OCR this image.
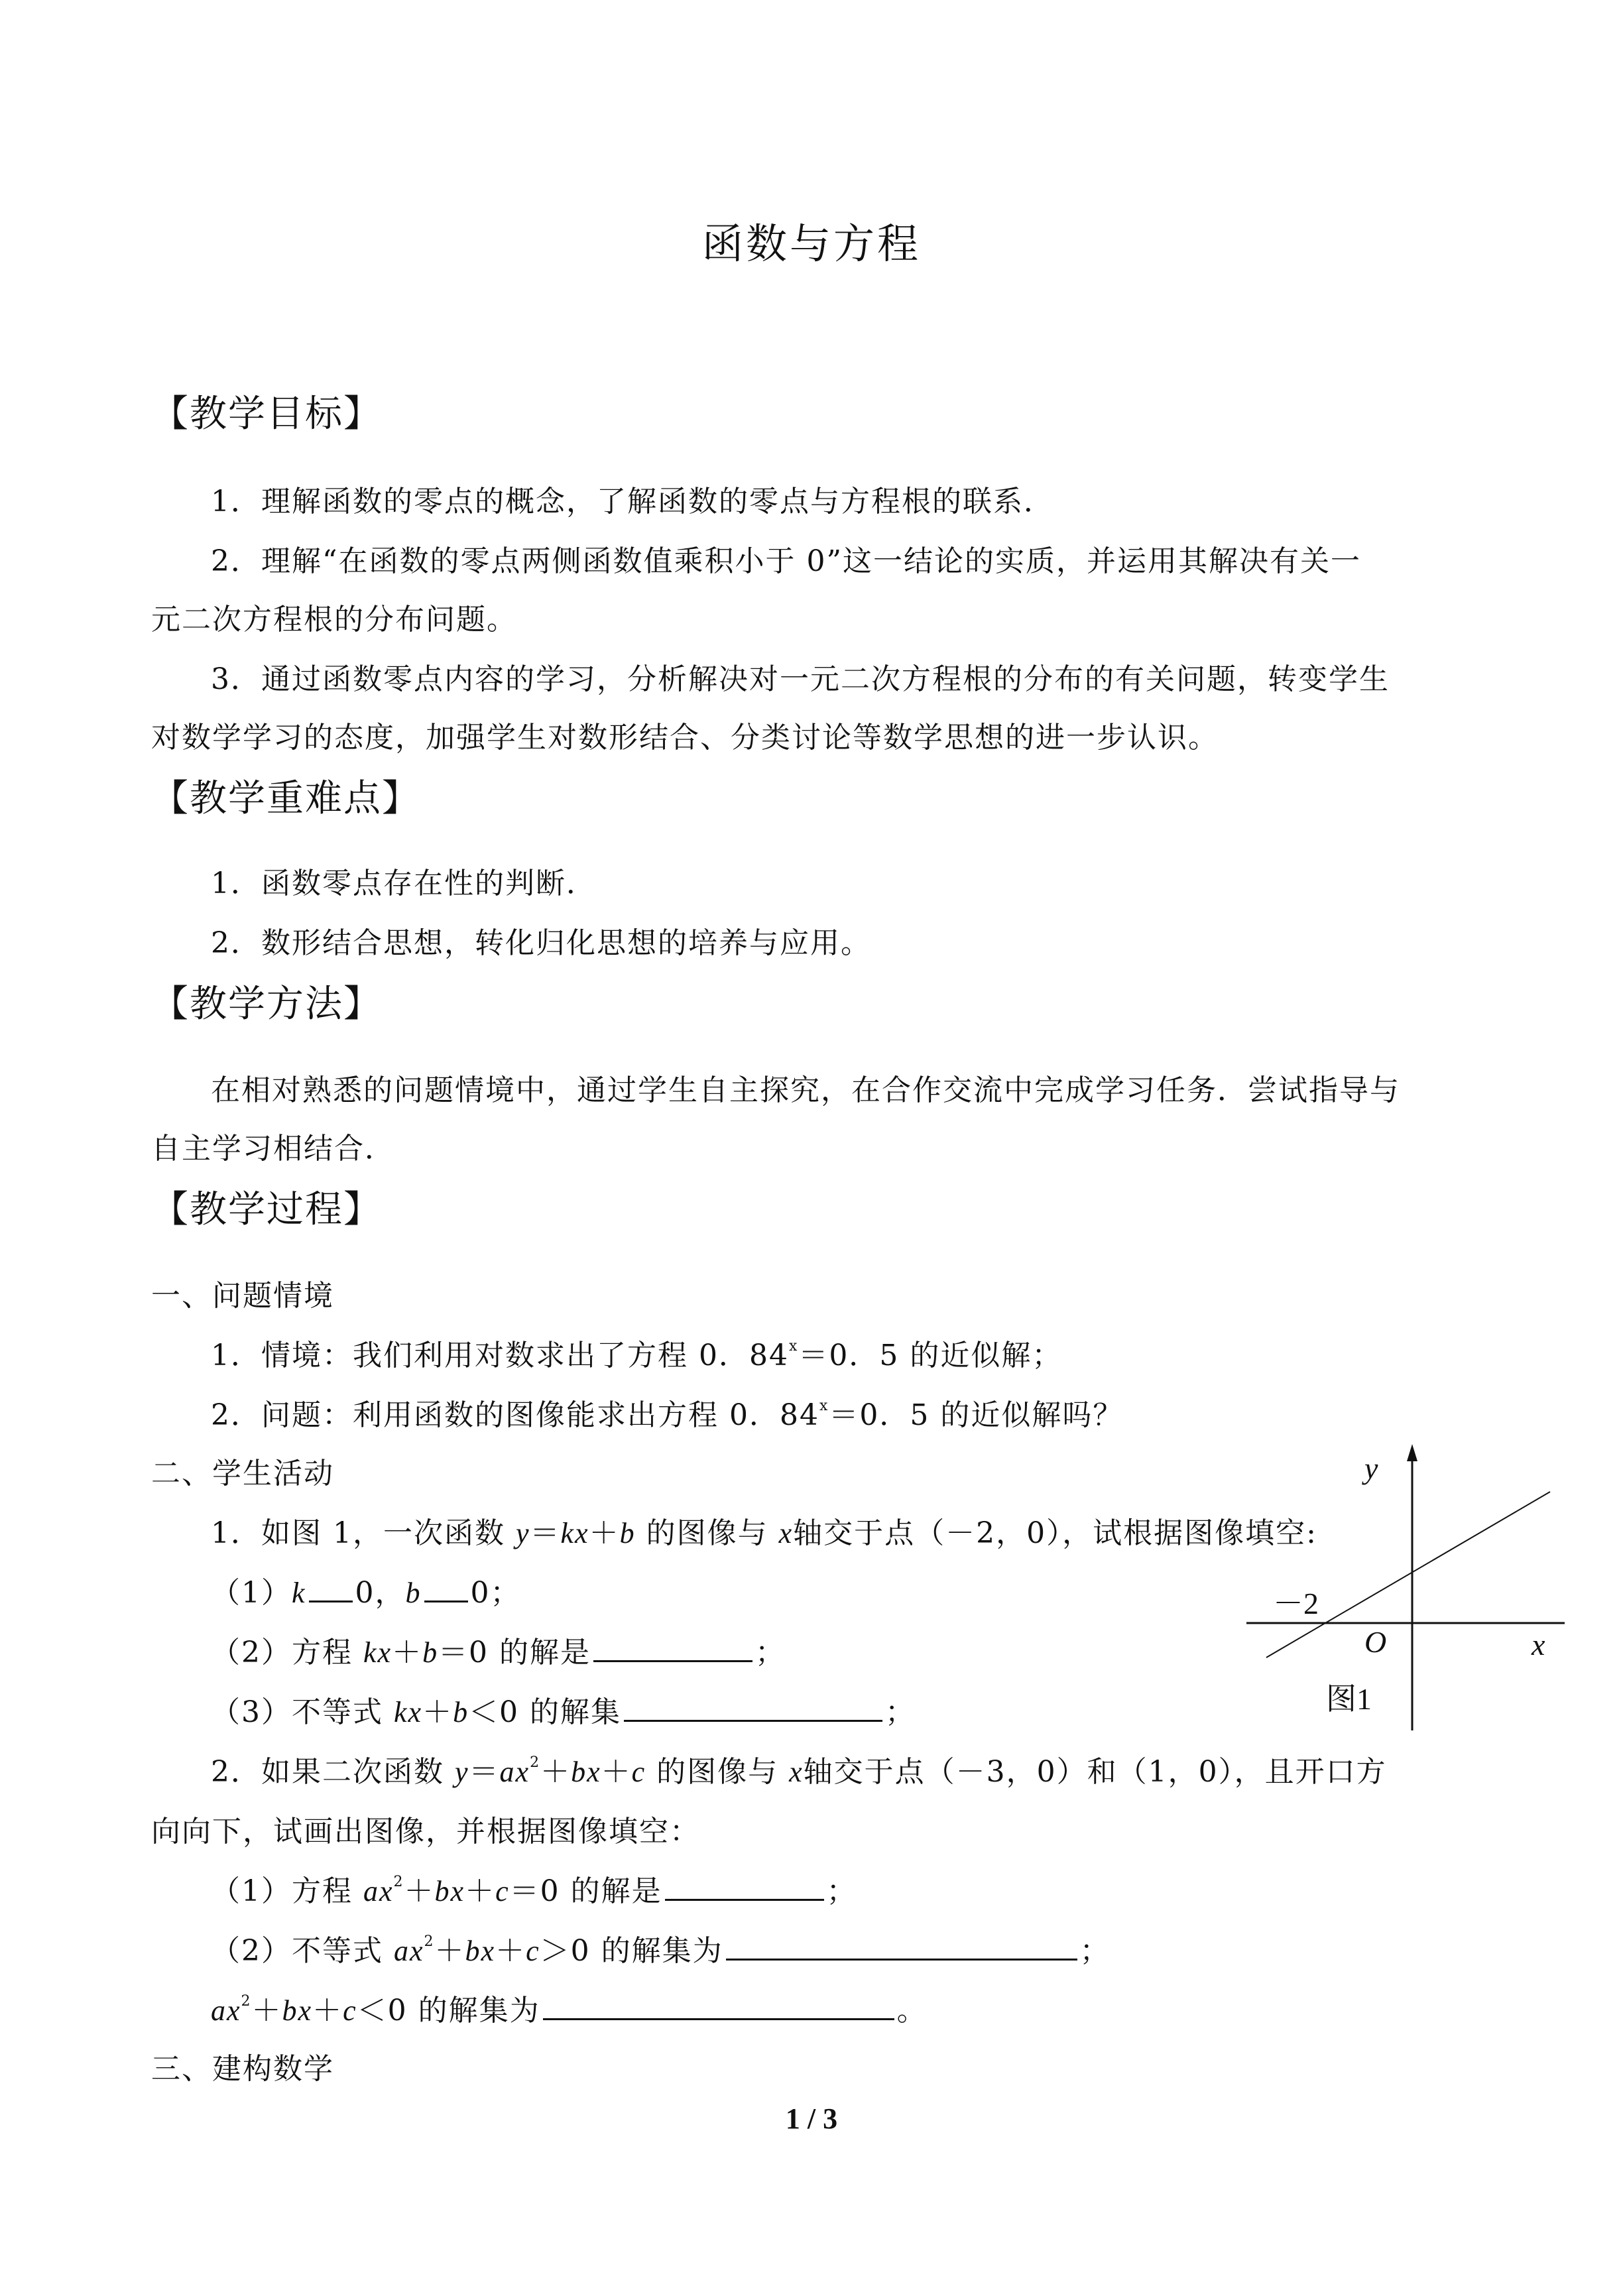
函数与方程
【教学目标】
1．理解函数的零点的概念，了解函数的零点与方程根的联系．
2．理解“在函数的零点两侧函数值乘积小于 0”这一结论的实质，并运用其解决有关一
元二次方程根的分布问题。
3．通过函数零点内容的学习，分析解决对一元二次方程根的分布的有关问题，转变学生
对数学学习的态度，加强学生对数形结合、分类讨论等数学思想的进一步认识。
【教学重难点】
1．函数零点存在性的判断．
2．数形结合思想，转化归化思想的培养与应用。
【教学方法】
在相对熟悉的问题情境中，通过学生自主探究，在合作交流中完成学习任务．尝试指导与
自主学习相结合．
【教学过程】
一、问题情境
1．情境：我们利用对数求出了方程 0．$84^x=0$．5 的近似解；
2．问题：利用函数的图像能求出方程 0．$84^x=0$．5 的近似解吗？
二、学生活动
1．如图 1，一次函数 y＝kx＋b 的图像与 x轴交于点（－2，0），试根据图像填空:
（1）k 0，b 0；
（2）方程 kx＋b＝0 的解是	；
（3）不等式 kx＋b＜0 的解集	；
y
x
O
－2
图1
2．如果二次函数 $y=ax^2+bx+c$ 的图像与 x轴交于点（－3，0）和（1，0），且开口方
向向下，试画出图像，并根据图像填空：
（1）方程 $ax^2+bx+c=0$ 的解是	；
（2）不等式 $ax^2+bx+c>0$ 的解集为	；
$ax^2+bx+c<0$ 的解集为	。
三、建构数学
1 / 3
